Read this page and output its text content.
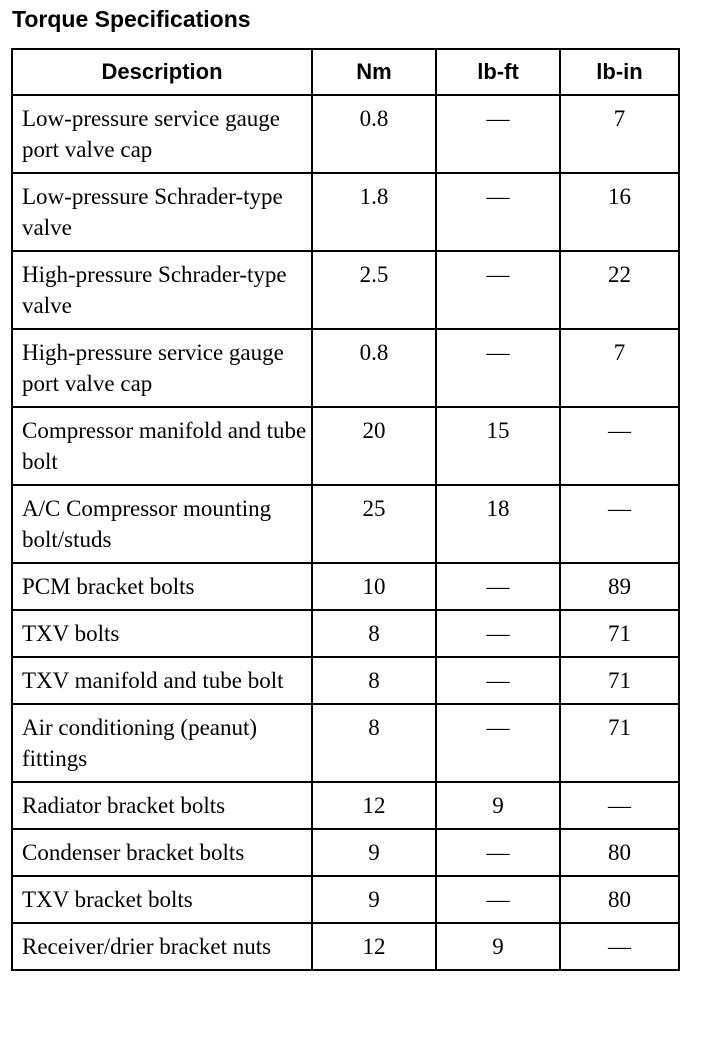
Torque Specifications
Description	Nm	lb-ft	lb-in
Low-pressure service gauge port valve cap	0.8	—	7
Low-pressure Schrader-type valve	1.8	—	16
High-pressure Schrader-type valve	2.5	—	22
High-pressure service gauge port valve cap	0.8	—	7
Compressor manifold and tube bolt	20	15	—
A/C Compressor mounting bolt/studs	25	18	—
PCM bracket bolts	10	—	89
TXV bolts	8	—	71
TXV manifold and tube bolt	8	—	71
Air conditioning (peanut) fittings	8	—	71
Radiator bracket bolts	12	9	—
Condenser bracket bolts	9	—	80
TXV bracket bolts	9	—	80
Receiver/drier bracket nuts	12	9	—
